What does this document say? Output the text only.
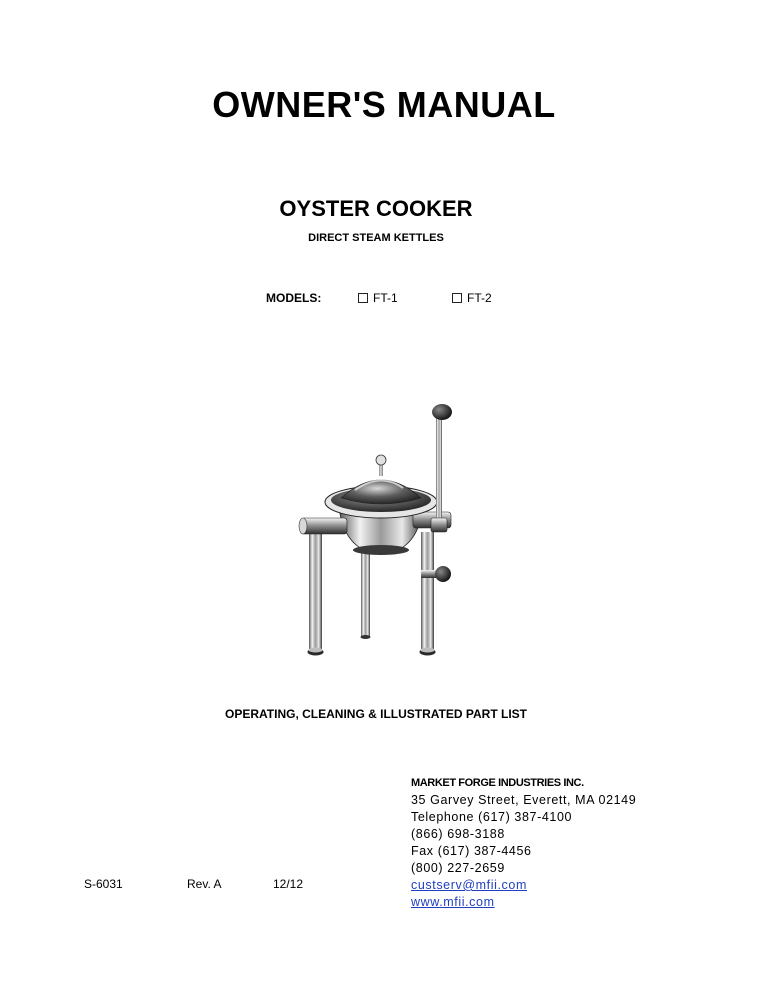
OWNER'S MANUAL
OYSTER COOKER
DIRECT STEAM KETTLES
MODELS:	FT-1	FT-2
OPERATING, CLEANING & ILLUSTRATED PART LIST
S-6031	Rev. A	12/12
MARKET FORGE INDUSTRIES INC.
35 Garvey Street, Everett, MA 02149
Telephone (617) 387-4100
(866) 698-3188
Fax (617) 387-4456
(800) 227-2659
custserv@mfii.com
www.mfii.com
